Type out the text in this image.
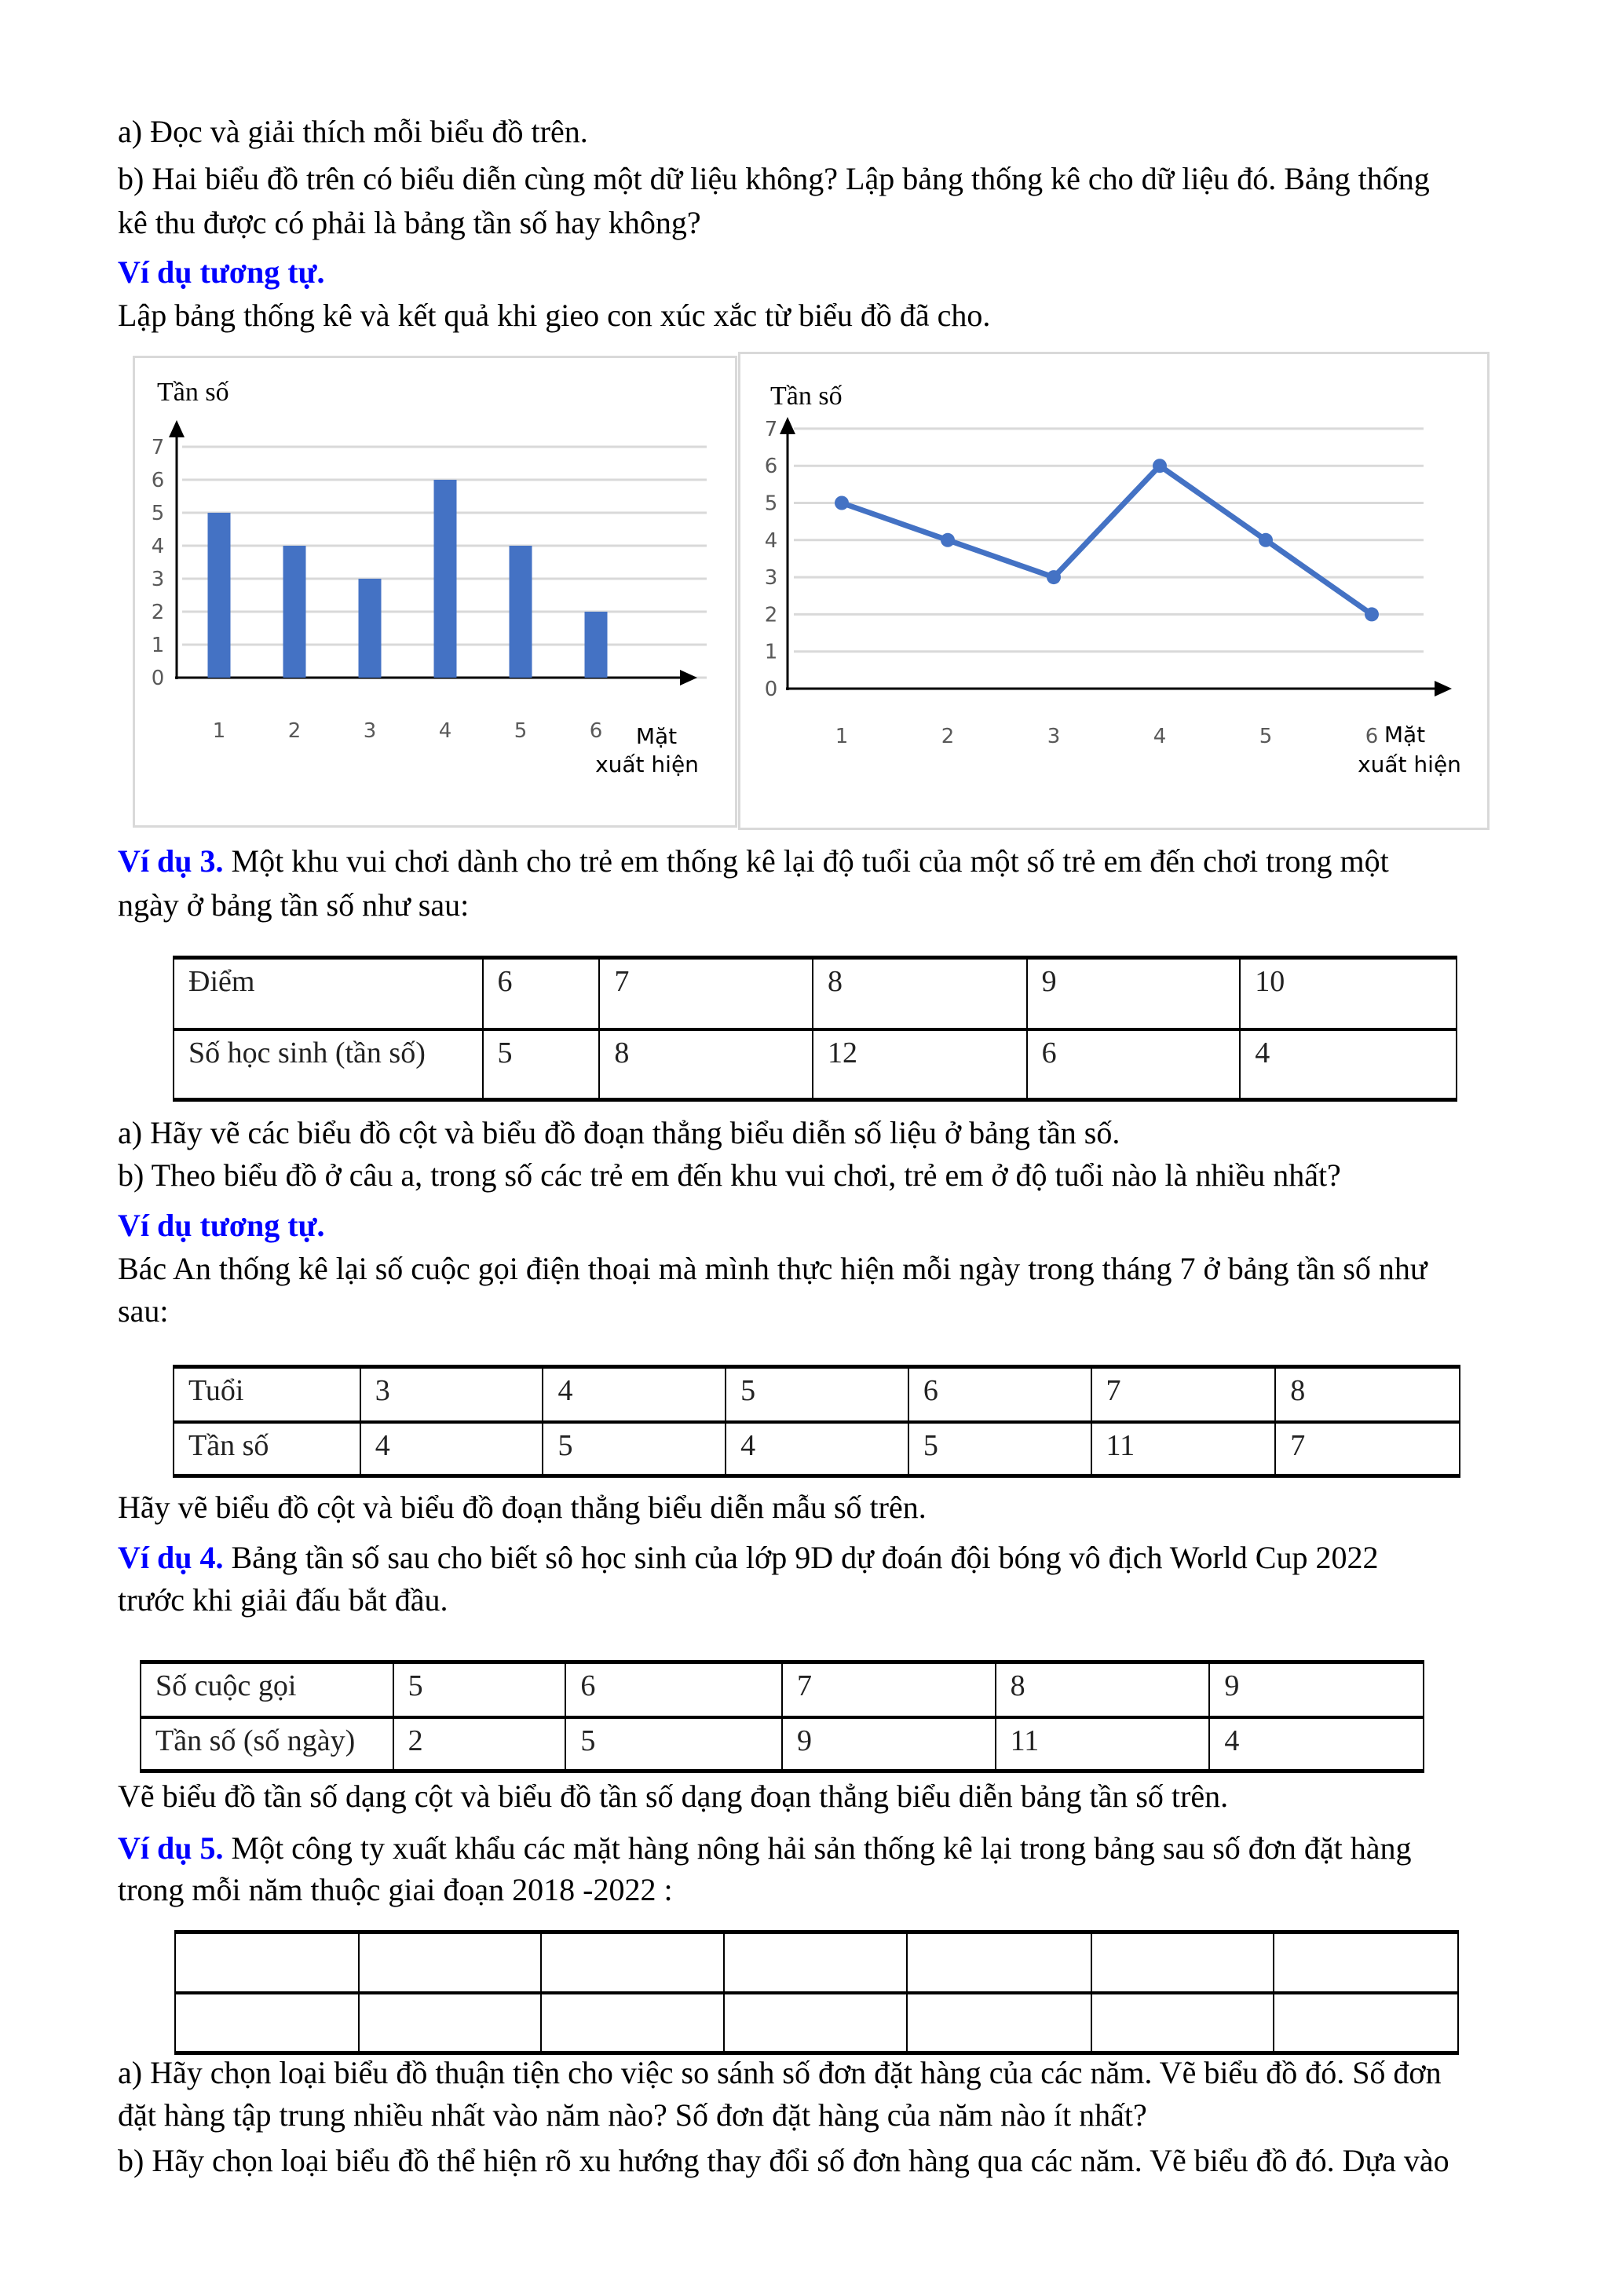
a) Đọc và giải thích mỗi biểu đồ trên.
b) Hai biểu đồ trên có biểu diễn cùng một dữ liệu không? Lập bảng thống kê cho dữ liệu đó. Bảng thống
kê thu được có phải là bảng tần số hay không?
Ví dụ tương tự.
Lập bảng thống kê và kết quả khi gieo con xúc xắc từ biểu đồ đã cho.
0
1
2
3
4
5
6
7
Tần số
1	2	3	4	5	6 Mặt
xuất hiện
0
1
2
3
4
5
6
7
Tần số
1	2	3	4	5	6 Mặt
xuất hiện
Ví dụ 3. Một khu vui chơi dành cho trẻ em thống kê lại độ tuổi của một số trẻ em đến chơi trong một
ngày ở bảng tần số như sau:
Điểm	6	7	8	9	10
Số học sinh (tần số)	5	8	12	6	4
a) Hãy vẽ các biểu đồ cột và biểu đồ đoạn thẳng biểu diễn số liệu ở bảng tần số.
b) Theo biểu đồ ở câu a, trong số các trẻ em đến khu vui chơi, trẻ em ở độ tuổi nào là nhiều nhất?
Ví dụ tương tự.
Bác An thống kê lại số cuộc gọi điện thoại mà mình thực hiện mỗi ngày trong tháng 7 ở bảng tần số như
sau:
Tuổi	3	4	5	6	7	8
Tần số	4	5	4	5	11	7
Hãy vẽ biểu đồ cột và biểu đồ đoạn thẳng biểu diễn mẫu số trên.
Ví dụ 4. Bảng tần số sau cho biết sô học sinh của lớp 9D dự đoán đội bóng vô địch World Cup 2022
trước khi giải đấu bắt đầu.
Số cuộc gọi	5	6	7	8	9
Tần số (số ngày)	2	5	9	11	4
Vẽ biểu đồ tần số dạng cột và biểu đồ tần số dạng đoạn thẳng biểu diễn bảng tần số trên.
Ví dụ 5. Một công ty xuất khẩu các mặt hàng nông hải sản thống kê lại trong bảng sau số đơn đặt hàng
trong mỗi năm thuộc giai đoạn 2018 -2022 :

a) Hãy chọn loại biểu đồ thuận tiện cho việc so sánh số đơn đặt hàng của các năm. Vẽ biểu đồ đó. Số đơn
đặt hàng tập trung nhiều nhất vào năm nào? Số đơn đặt hàng của năm nào ít nhất?
b) Hãy chọn loại biểu đồ thể hiện rõ xu hướng thay đổi số đơn hàng qua các năm. Vẽ biểu đồ đó. Dựa vào
